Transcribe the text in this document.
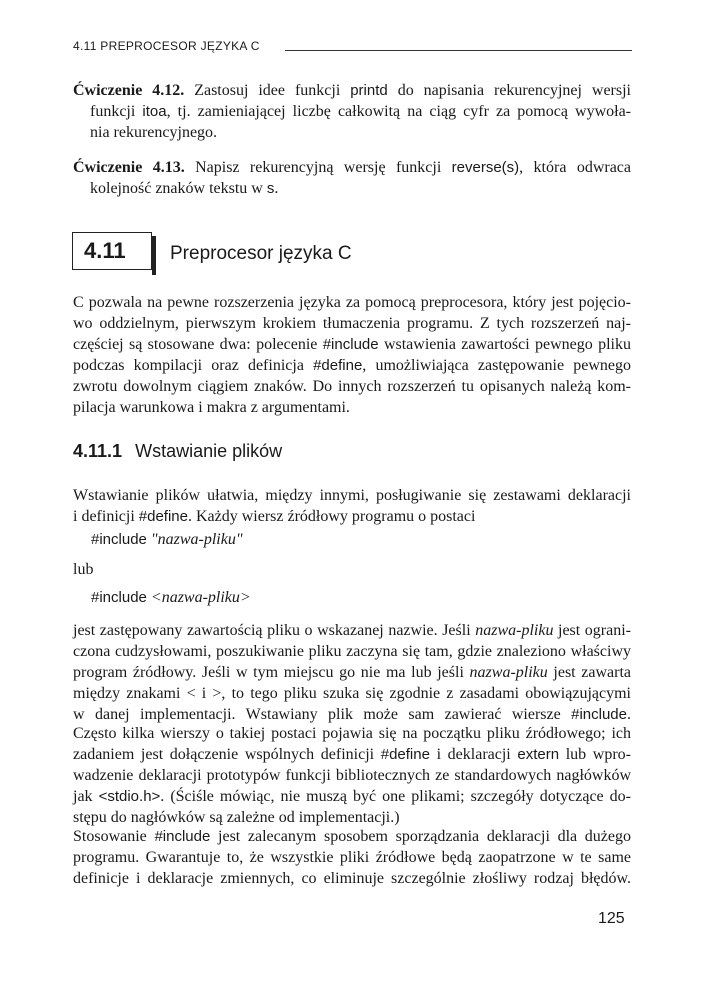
4.11 PREPROCESOR JĘZYKA C
Ćwiczenie 4.12. Zastosuj idee funkcji printd do napisania rekurencyjnej wersji
funkcji itoa, tj. zamieniającej liczbę całkowitą na ciąg cyfr za pomocą wywoła-
nia rekurencyjnego.
Ćwiczenie 4.13. Napisz rekurencyjną wersję funkcji reverse(s), która odwraca
kolejność znaków tekstu w s.
4.11 Preprocesor języka C
C pozwala na pewne rozszerzenia języka za pomocą preprocesora, który jest pojęcio-
wo oddzielnym, pierwszym krokiem tłumaczenia programu. Z tych rozszerzeń naj-
częściej są stosowane dwa: polecenie #include wstawienia zawartości pewnego pliku
podczas kompilacji oraz definicja #define, umożliwiająca zastępowanie pewnego
zwrotu dowolnym ciągiem znaków. Do innych rozszerzeń tu opisanych należą kom-
pilacja warunkowa i makra z argumentami.
4.11.1 Wstawianie plików
Wstawianie plików ułatwia, między innymi, posługiwanie się zestawami deklaracji
i definicji #define. Każdy wiersz źródłowy programu o postaci
#include "nazwa-pliku"
lub
#include <nazwa-pliku>
jest zastępowany zawartością pliku o wskazanej nazwie. Jeśli nazwa-pliku jest ograni-
czona cudzysłowami, poszukiwanie pliku zaczyna się tam, gdzie znaleziono właściwy
program źródłowy. Jeśli w tym miejscu go nie ma lub jeśli nazwa-pliku jest zawarta
między znakami < i >, to tego pliku szuka się zgodnie z zasadami obowiązującymi
w danej implementacji. Wstawiany plik może sam zawierać wiersze #include.
Często kilka wierszy o takiej postaci pojawia się na początku pliku źródłowego; ich
zadaniem jest dołączenie wspólnych definicji #define i deklaracji extern lub wpro-
wadzenie deklaracji prototypów funkcji bibliotecznych ze standardowych nagłówków
jak <stdio.h>. (Ściśle mówiąc, nie muszą być one plikami; szczegóły dotyczące do-
stępu do nagłówków są zależne od implementacji.)
Stosowanie #include jest zalecanym sposobem sporządzania deklaracji dla dużego
programu. Gwarantuje to, że wszystkie pliki źródłowe będą zaopatrzone w te same
definicje i deklaracje zmiennych, co eliminuje szczególnie złośliwy rodzaj błędów.
125
